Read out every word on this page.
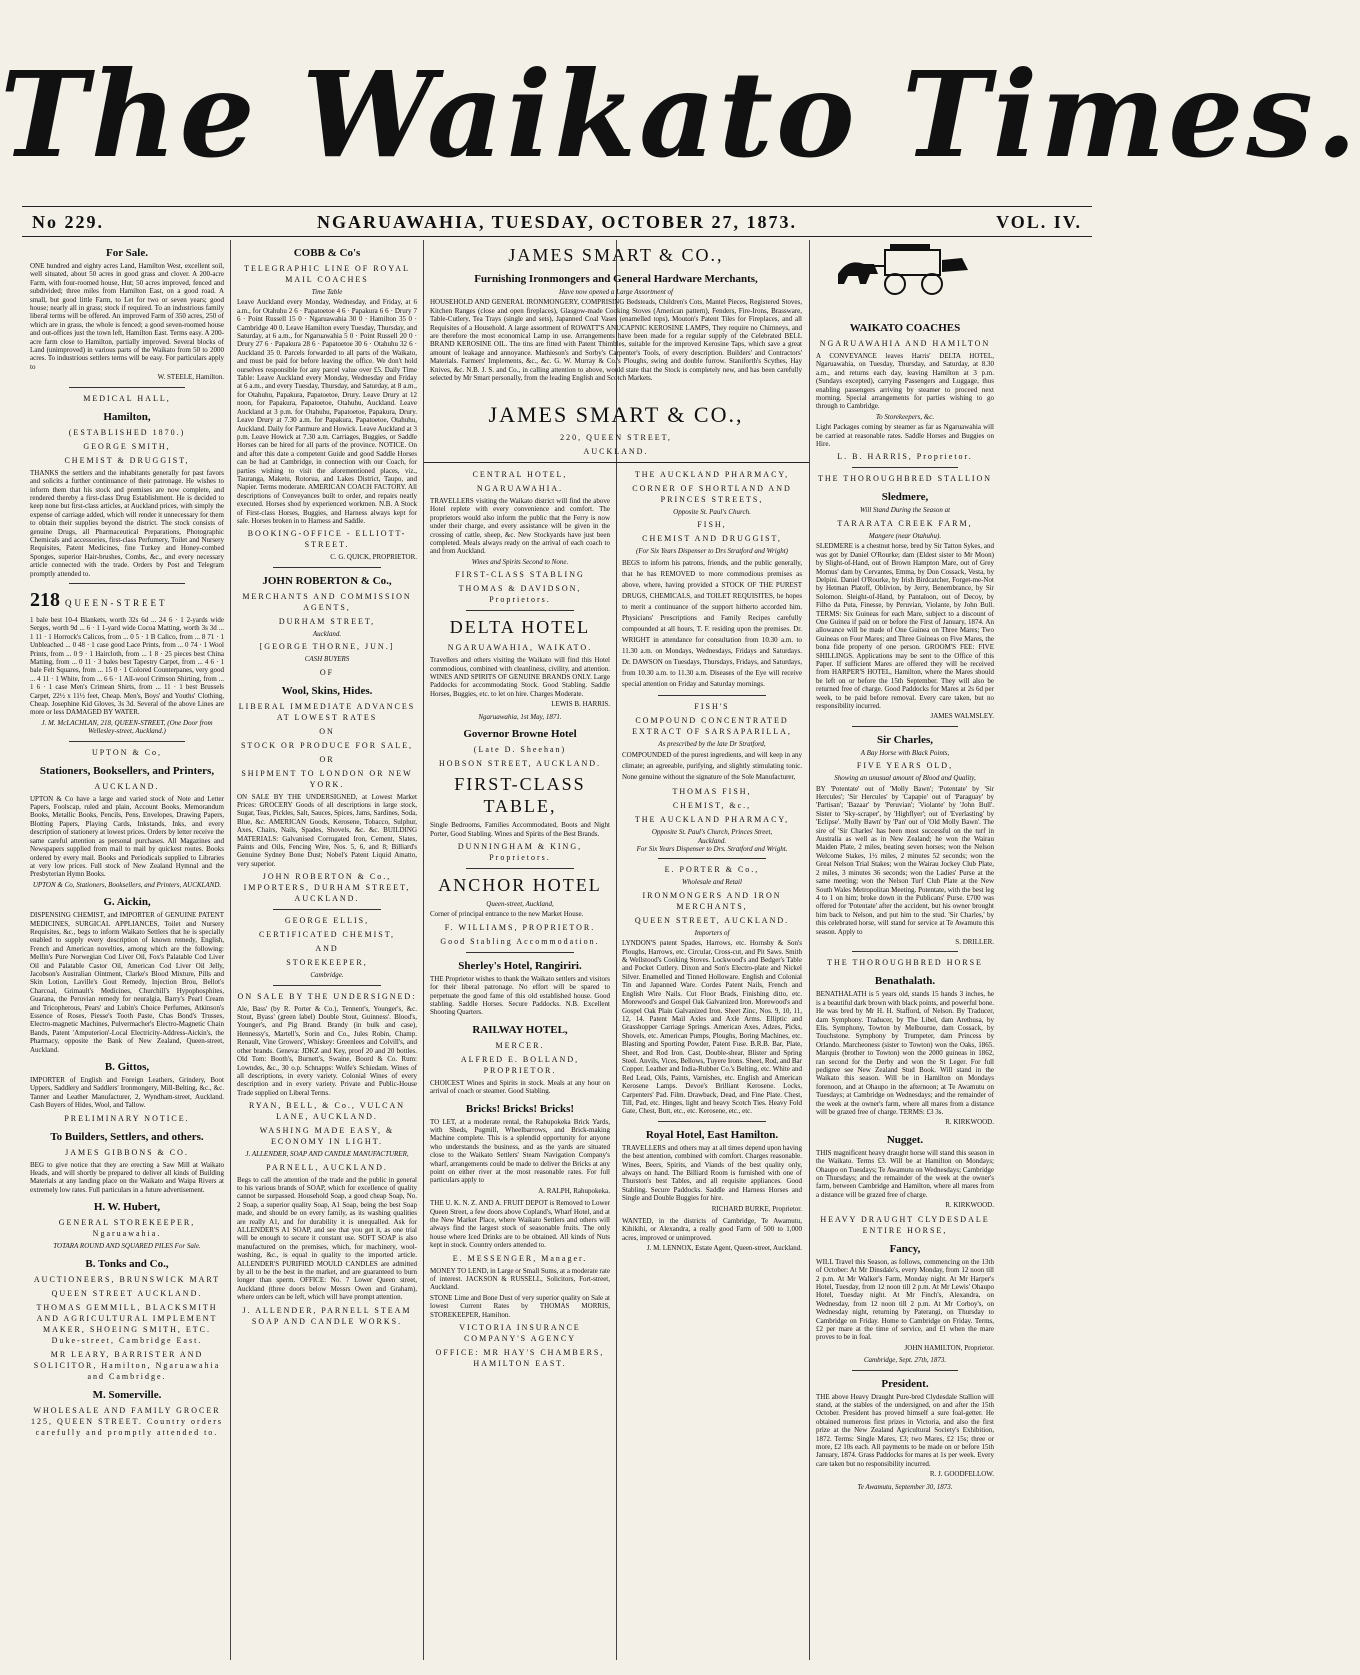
The Waikato Times.
No 229.	NGARUAWAHIA, TUESDAY, OCTOBER 27, 1873.	VOL. IV.
For Sale.

ONE hundred and eighty acres Land, Hamilton West, excellent soil, well situated, about 50 acres in good grass and clover. A 200-acre Farm, with four-roomed house, Hut; 50 acres improved, fenced and subdivided; three miles from Hamilton East, on a good road. A small, but good little Farm, to Let for two or seven years; good house; nearly all in grass; stock if required. To an industrious family liberal terms will be offered. An improved Farm of 350 acres, 250 of which are in grass, the whole is fenced; a good seven-roomed house and out-offices just the town left, Hamilton East. Terms easy. A 200-acre farm close to Hamilton, partially improved. Several blocks of Land (unimproved) in various parts of the Waikato from 50 to 2000 acres. To industrious settlers terms will be easy. For particulars apply to

W. STEELE, Hamilton.
MEDICAL HALL,
Hamilton,
(ESTABLISHED 1870.)
GEORGE SMITH,
CHEMIST & DRUGGIST,

THANKS the settlers and the inhabitants generally for past favors and solicits a further continuance of their patronage. He wishes to inform them that his stock and premises are now complete, and rendered thereby a first-class Drug Establishment. He is decided to keep none but first-class articles, at Auckland prices, with simply the expense of carriage added, which will render it unnecessary for them to obtain their supplies beyond the district. The stock consists of genuine Drugs, all Pharmaceutical Preparations, Photographic Chemicals and accessories, first-class Perfumery, Toilet and Nursery Requisites, Patent Medicines, fine Turkey and Honey-combed Sponges, superior Hair-brushes, Combs, &c., and every necessary article connected with the trade. Orders by Post and Telegram promptly attended to.

218 QUEEN-STREET

1 bale best 10-4 Blankets, worth 32s 6d ... 24 6 · 1 2-yards wide Serges, worth 9d ... 6 · 1 1-yard wide Cocoa Matting, worth 3s 3d ... 1 11 · 1 Horrock's Calicos, from ... 0 5 · 1 B Calico, from ... 8 71 · 1 Unbleached ... 0 48 · 1 case good Lace Prints, from ... 0 74 · 1 Wool Prints, from ... 0 9 · 1 Haircloth, from ... 1 8 · 25 pieces best China Matting, from ... 0 11 · 3 bales best Tapestry Carpet, from ... 4 6 · 1 bale Felt Squares, from ... 15 0 · 1 Colored Counterpanes, very good ... 4 11 · 1 White, from ... 6 6 · 1 All-wool Crimson Shirting, from ... 1 6 · 1 case Men's Crimean Shirts, from ... 11 · 1 best Brussels Carpet, 22½ x 11½ feet, Cheap. Men's, Boys' and Youths' Clothing, Cheap. Josephine Kid Gloves, 3s 3d. Several of the above Lines are more or less DAMAGED BY WATER.

J. M. McLACHLAN, 218, QUEEN-STREET, (One Door from Wellesley-street, Auckland.)
UPTON & Co,
Stationers, Booksellers, and Printers,
AUCKLAND.

UPTON & Co have a large and varied stock of Note and Letter Papers, Foolscap, ruled and plain, Account Books, Memorandum Books, Metallic Books, Pencils, Pens, Envelopes, Drawing Papers, Blotting Papers, Playing Cards, Inkstands, Inks, and every description of stationery at lowest prices. Orders by letter receive the same careful attention as personal purchases. All Magazines and Newspapers supplied from mail to mail by quickest routes. Books ordered by every mail. Books and Periodicals supplied to Libraries at very low prices. Full stock of New Zealand Hymnal and the Presbyterian Hymn Books.

UPTON & Co, Stationers, Booksellers, and Printers, AUCKLAND.
G. Aickin,

DISPENSING CHEMIST, and IMPORTER of GENUINE PATENT MEDICINES, SURGICAL APPLIANCES, Toilet and Nursery Requisites, &c., begs to inform Waikato Settlers that he is specially enabled to supply every description of known remedy, English, French and American novelties, among which are the following: Mellin's Pure Norwegian Cod Liver Oil, Fox's Palatable Cod Liver Oil and Palatable Castor Oil, American Cod Liver Oil Jelly, Jacobson's Australian Ointment, Clarke's Blood Mixture, Pills and Skin Lotion, Laville's Gout Remedy, Injection Brou, Bellot's Charcoal, Grimault's Medicines, Churchill's Hypophosphites, Guarana, the Peruvian remedy for neuralgia, Barry's Pearl Cream and Tricopherous, Pears' and Lubin's Choice Perfumes, Atkinson's Essence of Roses, Piesse's Tooth Paste, Chas Bond's Trusses, Electro-magnetic Machines, Pulvermacher's Electro-Magnetic Chain Bands, Patent 'Amputerion'-Local Electricity-Address-Aickin's, the Pharmacy, opposite the Bank of New Zealand, Queen-street, Auckland.

B. Gittos,

IMPORTER of English and Foreign Leathers, Grindery, Boot Uppers, Saddlery and Saddlers' Ironmongery, Mill-Belting, &c., &c. Tanner and Leather Manufacturer, 2, Wyndham-street, Auckland. Cash Buyers of Hides, Wool, and Tallow.

PRELIMINARY NOTICE.
To Builders, Settlers, and others.
JAMES GIBBONS & CO.

BEG to give notice that they are erecting a Saw Mill at Waikato Heads, and will shortly be prepared to deliver all kinds of Building Materials at any landing place on the Waikato and Waipa Rivers at extremely low rates. Full particulars in a future advertisement.

H. W. Hubert,
GENERAL STOREKEEPER, Ngaruawahia.
TOTARA ROUND AND SQUARED PILES For Sale.
B. Tonks and Co.,
AUCTIONEERS, BRUNSWICK MART
QUEEN STREET AUCKLAND.
THOMAS GEMMILL, BLACKSMITH AND AGRICULTURAL IMPLEMENT MAKER, SHOEING SMITH, ETC. Duke-street, Cambridge East.
MR LEARY, BARRISTER AND SOLICITOR, Hamilton, Ngaruawahia and Cambridge.
M. Somerville.
WHOLESALE AND FAMILY GROCER 125, QUEEN STREET. Country orders carefully and promptly attended to.
COBB & Co's
TELEGRAPHIC LINE OF ROYAL MAIL COACHES
Time Table

Leave Auckland every Monday, Wednesday, and Friday, at 6 a.m., for Otahuhu 2 6 · Papatoetoe 4 6 · Papakura 6 6 · Drury 7 6 · Point Russell 15 0 · Ngaruawahia 30 0 · Hamilton 35 0 · Cambridge 40 0. Leave Hamilton every Tuesday, Thursday, and Saturday, at 6 a.m., for Ngaruawahia 5 0 · Point Russell 20 0 · Drury 27 6 · Papakura 28 6 · Papatoetoe 30 6 · Otahuhu 32 6 · Auckland 35 0. Parcels forwarded to all parts of the Waikato, and must be paid for before leaving the office. We don't hold ourselves responsible for any parcel value over £5. Daily Time Table: Leave Auckland every Monday, Wednesday and Friday at 6 a.m., and every Tuesday, Thursday, and Saturday, at 8 a.m., for Otahuhu, Papakura, Papatoetoe, Drury. Leave Drury at 12 noon, for Papakura, Papatoetoe, Otahuhu, Auckland. Leave Auckland at 3 p.m. for Otahuhu, Papatoetoe, Papakura, Drury. Leave Drury at 7.30 a.m. for Papakura, Papatoetoe, Otahuhu, Auckland. Daily for Panmure and Howick. Leave Auckland at 3 p.m. Leave Howick at 7.30 a.m. Carriages, Buggies, or Saddle Horses can be hired for all parts of the province. NOTICE. On and after this date a competent Guide and good Saddle Horses can be had at Cambridge, in connection with our Coach, for parties wishing to visit the aforementioned places, viz., Tauranga, Maketu, Rotorua, and Lakes District, Taupo, and Napier. Terms moderate. AMERICAN COACH FACTORY. All descriptions of Conveyances built to order, and repairs neatly executed. Horses shod by experienced workmen. N.B. A Stock of First-class Horses, Buggies, and Harness always kept for sale. Horses broken in to Harness and Saddle.

BOOKING-OFFICE - ELLIOTT-STREET.
C. G. QUICK, PROPRIETOR.
JOHN ROBERTON & Co.,
MERCHANTS AND COMMISSION AGENTS,
DURHAM STREET,
Auckland.
[GEORGE THORNE, JUN.]
CASH BUYERS
OF
Wool, Skins, Hides.
LIBERAL IMMEDIATE ADVANCES AT LOWEST RATES
ON
STOCK OR PRODUCE FOR SALE,
OR
SHIPMENT TO LONDON OR NEW YORK.

ON SALE BY THE UNDERSIGNED, at Lowest Market Prices: GROCERY Goods of all descriptions in large stock, Sugar, Teas, Pickles, Salt, Sauces, Spices, Jams, Sardines, Soda, Blue, &c. AMERICAN Goods, Kerosene, Tobacco, Sulphur, Axes, Chairs, Nails, Spades, Shovels, &c. &c. BUILDING MATERIALS: Galvanised Corrugated Iron, Cement, Slates, Paints and Oils, Fencing Wire, Nos. 5, 6, and 8; Billiard's Genuine Sydney Bone Dust; Nobel's Patent Liquid Amatto, very superior.

JOHN ROBERTON & Co., IMPORTERS, DURHAM STREET, AUCKLAND.
GEORGE ELLIS,
CERTIFICATED CHEMIST,
AND
STOREKEEPER,
Cambridge.
ON SALE BY THE UNDERSIGNED:

Ale, Bass' (by R. Porter & Co.), Tennent's, Younger's, &c. Stout, Byass' (green label) Double Stout, Guinness'. Blood's, Younger's, and Pig Brand. Brandy (in bulk and case), Hennessy's, Martell's, Sorin and Co., Jules Robin, Champ. Renault, Vine Growers', Whiskey: Greenlees and Colvill's, and other brands. Geneva: JDKZ and Key, proof 20 and 20 bottles. Old Tom: Booth's, Burnett's, Swaine, Boord & Co. Rum: Lowndes, &c., 30 o.p. Schnapps: Wolfe's Schiedam. Wines of all descriptions, in every variety. Colonial Wines of every description and in every variety. Private and Public-House Trade supplied on Liberal Terms.

RYAN, BELL, & Co., VULCAN LANE, AUCKLAND.
WASHING MADE EASY, & ECONOMY IN LIGHT.
J. ALLENDER, SOAP AND CANDLE MANUFACTURER,
PARNELL, AUCKLAND.

Begs to call the attention of the trade and the public in general to his various brands of SOAP, which for excellence of quality cannot be surpassed. Household Soap, a good cheap Soap, No. 2 Soap, a superior quality Soap, A1 Soap, being the best Soap made, and should be on every family, as its washing qualities are really A1, and for durability it is unequalled. Ask for ALLENDER'S A1 SOAP, and see that you get it, as one trial will be enough to secure it constant use. SOFT SOAP is also manufactured on the premises, which, for machinery, wool-washing, &c., is equal in quality to the imported article. ALLENDER'S PURIFIED MOULD CANDLES are admitted by all to be the best in the market, and are guaranteed to burn longer than sperm. OFFICE: No. 7 Lower Queen street, Auckland (three doors below Messrs Owen and Graham), where orders can be left, which will have prompt attention.

J. ALLENDER, PARNELL STEAM SOAP AND CANDLE WORKS.
JAMES SMART & CO.,
Furnishing Ironmongers and General Hardware Merchants,
Have now opened a Large Assortment of

HOUSEHOLD AND GENERAL IRONMONGERY, COMPRISING Bedsteads, Children's Cots, Mantel Pieces, Registered Stoves, Kitchen Ranges (close and open fireplaces), Glasgow-made Cooking Stoves (American pattern), Fenders, Fire-Irons, Brassware, Table-Cutlery, Tea Trays (single and sets), Japanned Coal Vases (enamelled tops), Mouton's Patent Tiles for Fireplaces, and all Requisites of a Household. A large assortment of ROWATT'S ANUCAPNIC KEROSINE LAMPS, They require no Chimneys, and are therefore the most economical Lamp in use. Arrangements have been made for a regular supply of the Celebrated BELL BRAND KEROSINE OIL. The tins are fitted with Patent Thimbles, suitable for the improved Kerosine Taps, which save a great amount of leakage and annoyance. Mathieson's and Sorby's Carpenter's Tools, of every description. Builders' and Contractors' Materials. Farmers' Implements, &c., &c. G. W. Murray & Co.'s Ploughs, swing and double furrow. Staniforth's Scythes, Hay Knives, &c. N.B. J. S. and Co., in calling attention to above, would state that the Stock is completely new, and has been carefully selected by Mr Smart personally, from the leading English and Scotch Markets.

JAMES SMART & CO.,
220, QUEEN STREET,
AUCKLAND.
CENTRAL HOTEL,
NGARUAWAHIA.

TRAVELLERS visiting the Waikato district will find the above Hotel replete with every convenience and comfort. The proprietors would also inform the public that the Ferry is now under their charge, and every assistance will be given in the crossing of cattle, sheep, &c. New Stockyards have just been completed. Meals always ready on the arrival of each coach to and from Auckland.

Wines and Spirits Second to None.
FIRST-CLASS STABLING
THOMAS & DAVIDSON, Proprietors.
DELTA HOTEL
NGARUAWAHIA, WAIKATO.

Travellers and others visiting the Waikato will find this Hotel commodious, combined with cleanliness, civility, and attention. WINES AND SPIRITS OF GENUINE BRANDS ONLY. Large Paddocks for accommodating Stock. Good Stabling. Saddle Horses, Buggies, etc. to let on hire. Charges Moderate.

LEWIS B. HARRIS.
Ngaruawahia, 1st May, 1871.
Governor Browne Hotel
(Late D. Sheehan)
HOBSON STREET, AUCKLAND.
FIRST-CLASS TABLE,

Single Bedrooms, Families Accommodated, Boots and Night Porter, Good Stabling. Wines and Spirits of the Best Brands.

DUNNINGHAM & KING, Proprietors.
ANCHOR HOTEL
Queen-street, Auckland,

Corner of principal entrance to the new Market House.

F. WILLIAMS, PROPRIETOR.
Good Stabling Accommodation.
Sherley's Hotel, Rangiriri.

THE Proprietor wishes to thank the Waikato settlers and visitors for their liberal patronage. No effort will be spared to perpetuate the good fame of this old established house. Good stabling. Saddle Horses. Secure Paddocks. N.B. Excellent Shooting Quarters.

RAILWAY HOTEL,
MERCER.
ALFRED E. BOLLAND, PROPRIETOR.

CHOICEST Wines and Spirits in stock. Meals at any hour on arrival of coach or steamer. Good Stabling.

Bricks! Bricks! Bricks!

TO LET, at a moderate rental, the Rahupokeka Brick Yards, with Sheds, Pugmill, Wheelbarrows, and Brick-making Machine complete. This is a splendid opportunity for anyone who understands the business, and as the yards are situated close to the Waikato Settlers' Steam Navigation Company's wharf, arrangements could be made to deliver the Bricks at any point on either river at the most reasonable rates. For full particulars apply to

A. RALPH, Rahupokeka.

THE U. K. N. Z. AND A. FRUIT DEPOT is Removed to Lower Queen Street, a few doors above Copland's, Wharf Hotel, and at the New Market Place, where Waikato Settlers and others will always find the largest stock of seasonable fruits. The only house where Iced Drinks are to be obtained. All kinds of Nuts kept in stock. Country orders attended to.

E. MESSENGER, Manager.

MONEY TO LEND, in Large or Small Sums, at a moderate rate of interest. JACKSON & RUSSELL, Solicitors, Fort-street, Auckland.

STONE Lime and Bone Dust of very superior quality on Sale at lowest Current Rates by THOMAS MORRIS, STOREKEEPER, Hamilton.

VICTORIA INSURANCE COMPANY'S AGENCY
OFFICE: MR HAY'S CHAMBERS, HAMILTON EAST.
THE AUCKLAND PHARMACY,
CORNER OF SHORTLAND AND PRINCES STREETS,
Opposite St. Paul's Church.
FISH,
CHEMIST AND DRUGGIST,
(For Six Years Dispenser to Drs Stratford and Wright)

BEGS to inform his patrons, friends, and the public generally, that he has REMOVED to more commodious premises as above, where, having provided a STOCK OF THE PUREST DRUGS, CHEMICALS, and TOILET REQUISITES, he hopes to merit a continuance of the support hitherto accorded him. Physicians' Prescriptions and Family Recipes carefully compounded at all hours, T. F. residing upon the premises. Dr. WRIGHT in attendance for consultation from 10.30 a.m. to 11.30 a.m. on Mondays, Wednesdays, Fridays and Saturdays. Dr. DAWSON on Tuesdays, Thursdays, Fridays, and Saturdays, from 10.30 a.m. to 11.30 a.m. Diseases of the Eye will receive special attention on Friday and Saturday mornings.

FISH'S
COMPOUND CONCENTRATED EXTRACT OF SARSAPARILLA,
As prescribed by the late Dr Stratford,

COMPOUNDED of the purest ingredients, and will keep in any climate; an agreeable, purifying, and slightly stimulating tonic. None genuine without the signature of the Sole Manufacturer,

THOMAS FISH,
CHEMIST, &c.,
THE AUCKLAND PHARMACY,
Opposite St. Paul's Church, Princes Street,
Auckland.
For Six Years Dispenser to Drs. Stratford and Wright.
E. PORTER & Co.,
Wholesale and Retail
IRONMONGERS AND IRON MERCHANTS,
QUEEN STREET, AUCKLAND.
Importers of

LYNDON'S patent Spades, Harrows, etc. Hornsby & Son's Ploughs, Harrows, etc. Circular, Cross-cut, and Pit Saws. Smith & Wellstood's Cooking Stoves. Lockwood's and Bedger's Table and Pocket Cutlery. Dixon and Son's Electro-plate and Nickel Silver. Enamelled and Tinned Holloware. English and Colonial Tin and Japanned Ware. Cordes Patent Nails, French and English Wire Nails. Cut Floor Brads, Finishing ditto, etc. Morewood's and Gospel Oak Galvanized Iron. Morewood's and Gospel Oak Plain Galvanized Iron. Sheet Zinc, Nos. 9, 10, 11, 12, 14. Patent Mail Axles and Axle Arms. Elliptic and Grasshopper Carriage Springs. American Axes, Adzes, Picks, Shovels, etc. American Pumps, Ploughs, Boring Machines, etc. Blasting and Sporting Powder, Patent Fuse. B.R.B. Bar, Plate, Sheet, and Rod Iron. Cast, Double-shear, Blister and Spring Steel. Anvils, Vices, Bellows, Tuyere Irons. Sheet, Rod, and Bar Copper. Leather and India-Rubber Co.'s Belting, etc. White and Red Lead, Oils, Paints, Varnishes, etc. English and American Kerosene Lamps. Devoe's Brilliant Kerosene. Locks, Carpenters' Pad. Film. Drawback, Dead, and Fine Plate. Chest, Till, Pad, etc. Hinges, light and heavy Scotch Ties. Heavy Fold Gate, Chest, Butt, etc., etc. Kerosene, etc., etc.

Royal Hotel, East Hamilton.

TRAVELLERS and others may at all times depend upon having the best attention, combined with comfort. Charges reasonable. Wines, Beers, Spirits, and Viands of the best quality only, always on hand. The Billiard Room is furnished with one of Thurston's best Tables, and all requisite appliances. Good Stabling. Secure Paddocks. Saddle and Harness Horses and Single and Double Buggies for hire.

RICHARD BURKE, Proprietor.

WANTED, in the districts of Cambridge, Te Awamutu, Kihikihi, or Alexandra, a really good Farm of 500 to 1,000 acres, improved or unimproved.

J. M. LENNOX, Estate Agent, Queen-street, Auckland.
WAIKATO COACHES
NGARUAWAHIA AND HAMILTON

A CONVEYANCE leaves Harris' DELTA HOTEL, Ngaruawahia, on Tuesday, Thursday, and Saturday, at 8.30 a.m., and returns each day, leaving Hamilton at 3 p.m. (Sundays excepted), carrying Passengers and Luggage, thus enabling passengers arriving by steamer to proceed next morning. Special arrangements for parties wishing to go through to Cambridge.

To Storekeepers, &c.

Light Packages coming by steamer as far as Ngaruawahia will be carried at reasonable rates. Saddle Horses and Buggies on Hire.

L. B. HARRIS, Proprietor.
THE THOROUGHBRED STALLION
Sledmere,
Will Stand During the Season at
TARARATA CREEK FARM,
Mangere (near Otahuhu).

SLEDMERE is a chestnut horse, bred by Sir Tatton Sykes, and was got by Daniel O'Rourke; dam (Eldest sister to Mr Moon) by Slight-of-Hand, out of Brown Hampton Mare, out of Grey Momus' dam by Cervantes, Emma, by Don Cossack, Vesta, by Delpini. Daniel O'Rourke, by Irish Birdcatcher, Forget-me-Not by Hetman Platoff, Oblivion, by Jerry, Benembrance, by Sir Solomon. Sleight-of-Hand, by Pantaloon, out of Decoy, by Filho da Puta, Finesse, by Peruvian, Violante, by John Bull. TERMS: Six Guineas for each Mare, subject to a discount of One Guinea if paid on or before the First of January, 1874. An allowance will be made of One Guinea on Three Mares; Two Guineas on Four Mares; and Three Guineas on Five Mares, the bona fide property of one person. GROOM'S FEE: FIVE SHILLINGS. Applications may be sent to the Office of this Paper. If sufficient Mares are offered they will be received from HARPER'S HOTEL, Hamilton, where the Mares should be left on or before the 15th September. They will also be returned free of charge. Good Paddocks for Mares at 2s 6d per week, to be paid before removal. Every care taken, but no responsibility incurred.

JAMES WALMSLEY.
Sir Charles,
A Bay Horse with Black Points,
FIVE YEARS OLD,
Showing an unusual amount of Blood and Quality,

BY 'Potentate' out of 'Molly Bawn'; 'Potentate' by 'Sir Hercules'; 'Sir Hercules' by 'Capapie' out of 'Paraguay' by 'Partisan'; 'Bazaar' by 'Peruvian'; 'Violante' by 'John Bull'. Sister to 'Sky-scraper', by 'Highflyer'; out of 'Everlasting' by 'Eclipse'. 'Molly Bawn' by 'Pan' out of 'Old Molly Bawn'. The sire of 'Sir Charles' has been most successful on the turf in Australia as well as in New Zealand; he won the Wairau Maiden Plate, 2 miles, beating seven horses; won the Nelson Welcome Stakes, 1½ miles, 2 minutes 52 seconds; won the Great Nelson Trial Stakes; won the Wairau Jockey Club Plate, 2 miles, 3 minutes 36 seconds; won the Ladies' Purse at the same meeting; won the Nelson Turf Club Plate at the New South Wales Metropolitan Meeting. Potentate, with the best leg 4 to 1 on him; broke down in the Publicans' Purse. £700 was offered for 'Potentate' after the accident, but his owner brought him back to Nelson, and put him to the stud. 'Sir Charles,' by this celebrated horse, will stand for service at Te Awamutu this season. Apply to

S. DRILLER.
THE THOROUGHBRED HORSE
Benathalath.

BENATHALATH is 5 years old, stands 15 hands 3 inches, he is a beautiful dark brown with black points, and powerful bone. He was bred by Mr H. H. Stafford, of Nelson. By Traducer, dam Symphony. Traducer, by The Libel, dam Arethusa, by Elis. Symphony, Towton by Melbourne, dam Cossack, by Touchstone. Symphony by Trumpeter, dam Princess by Orlando. Marcheoness (sister to Towton) won the Oaks, 1865. Marquis (brother to Towton) won the 2000 guineas in 1862, ran second for the Derby and won the St Leger. For full pedigree see New Zealand Stud Book. Will stand in the Waikato this season. Will be in Hamilton on Mondays forenoon, and at Ohaupo in the afternoon; at Te Awamutu on Tuesdays; at Cambridge on Wednesdays; and the remainder of the week at the owner's farm, where all mares from a distance will be grazed free of charge. TERMS: £3 3s.

R. KIRKWOOD.
Nugget.

THIS magnificent heavy draught horse will stand this season in the Waikato. Terms £3. Will be at Hamilton on Mondays; Ohaupo on Tuesdays; Te Awamutu on Wednesdays; Cambridge on Thursdays; and the remainder of the week at the owner's farm, between Cambridge and Hamilton, where all mares from a distance will be grazed free of charge.

R. KIRKWOOD.
HEAVY DRAUGHT CLYDESDALE ENTIRE HORSE,
Fancy,

WILL Travel this Season, as follows, commencing on the 13th of October: At Mr Dinsdale's, every Monday, from 12 noon till 2 p.m. At Mr Walker's Farm, Monday night. At Mr Harper's Hotel, Tuesday, from 12 noon till 2 p.m. At Mr Lewis' Ohaupo Hotel, Tuesday night. At Mr Finch's, Alexandra, on Wednesday, from 12 noon till 2 p.m. At Mr Corboy's, on Wednesday night, returning by Paterangi, on Thursday to Cambridge on Friday. Home to Cambridge on Friday. Terms, £2 per mare at the time of service, and £1 when the mare proves to be in foal.

JOHN HAMILTON, Proprietor.
Cambridge, Sept. 27th, 1873.
President.

THE above Heavy Draught Pure-bred Clydesdale Stallion will stand, at the stables of the undersigned, on and after the 15th October. President has proved himself a sure foal-getter. He obtained numerous first prizes in Victoria, and also the first prize at the New Zealand Agricultural Society's Exhibition, 1872. Terms: Single Mares, £3; two Mares, £2 15s; three or more, £2 10s each. All payments to be made on or before 15th January, 1874. Grass Paddocks for mares at 1s per week. Every care taken but no responsibility incurred.

R. J. GOODFELLOW.
Te Awamutu, September 30, 1873.
